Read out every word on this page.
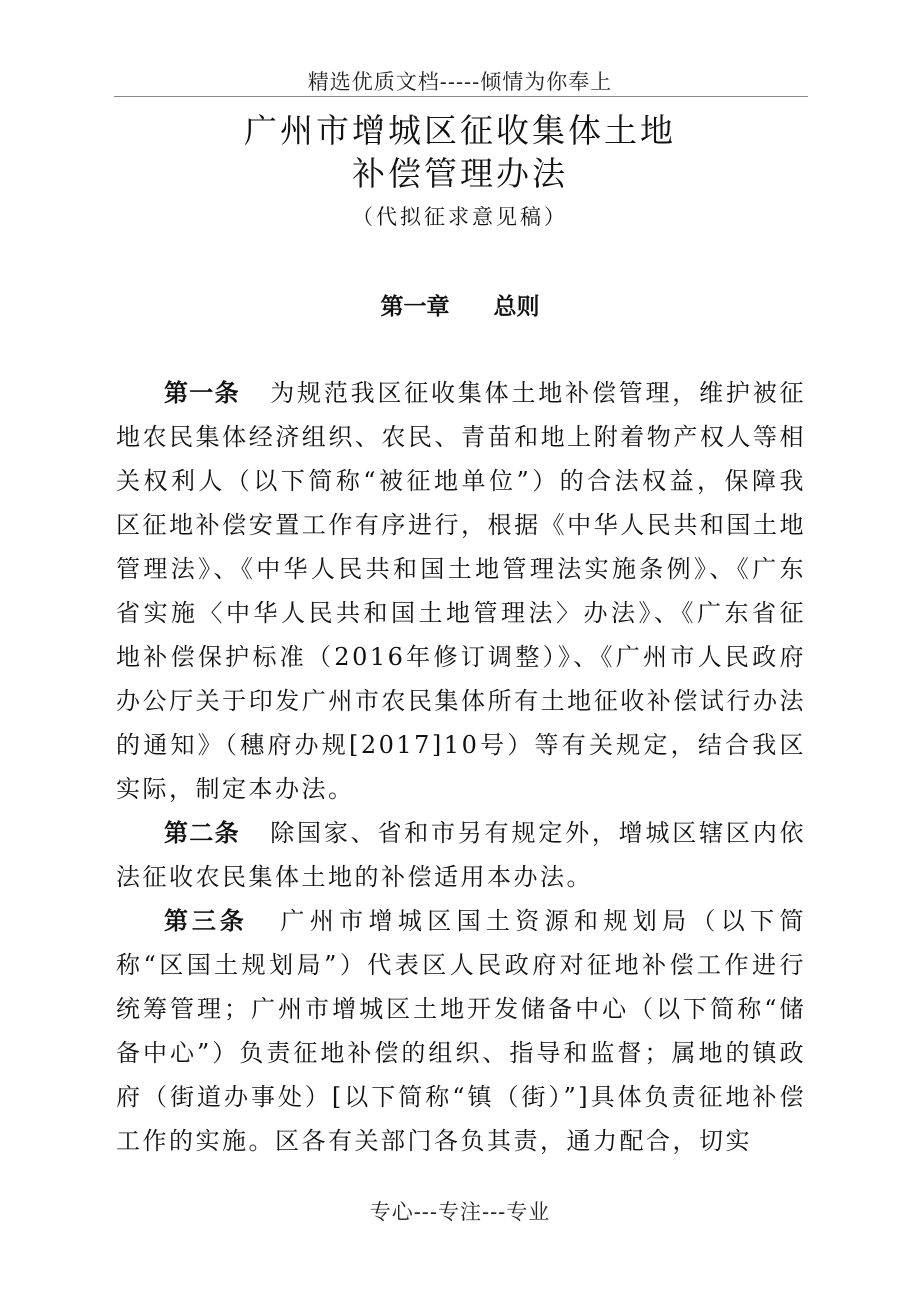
精选优质文档-----倾情为你奉上
广州市增城区征收集体土地
补偿管理办法
（代拟征求意见稿）
第一章 总则

第一条 为规范我区征收集体土地补偿管理，维护被征地农民集体经济组织、农民、青苗和地上附着物产权人等相关权利人（以下简称“被征地单位”）的合法权益，保障我区征地补偿安置工作有序进行，根据《中华人民共和国土地管理法》、《中华人民共和国土地管理法实施条例》、《广东省实施〈中华人民共和国土地管理法〉办法》、《广东省征地补偿保护标准（2016年修订调整）》、《广州市人民政府办公厅关于印发广州市农民集体所有土地征收补偿试行办法的通知》（穗府办规[2017]10号）等有关规定，结合我区实际，制定本办法。

第二条 除国家、省和市另有规定外，增城区辖区内依法征收农民集体土地的补偿适用本办法。

第三条 广州市增城区国土资源和规划局（以下简称“区国土规划局”）代表区人民政府对征地补偿工作进行统筹管理；广州市增城区土地开发储备中心（以下简称“储备中心”）负责征地补偿的组织、指导和监督；属地的镇政府（街道办事处）[以下简称“镇（街）”]具体负责征地补偿工作的实施。区各有关部门各负其责，通力配合，切实

专心---专注---专业
